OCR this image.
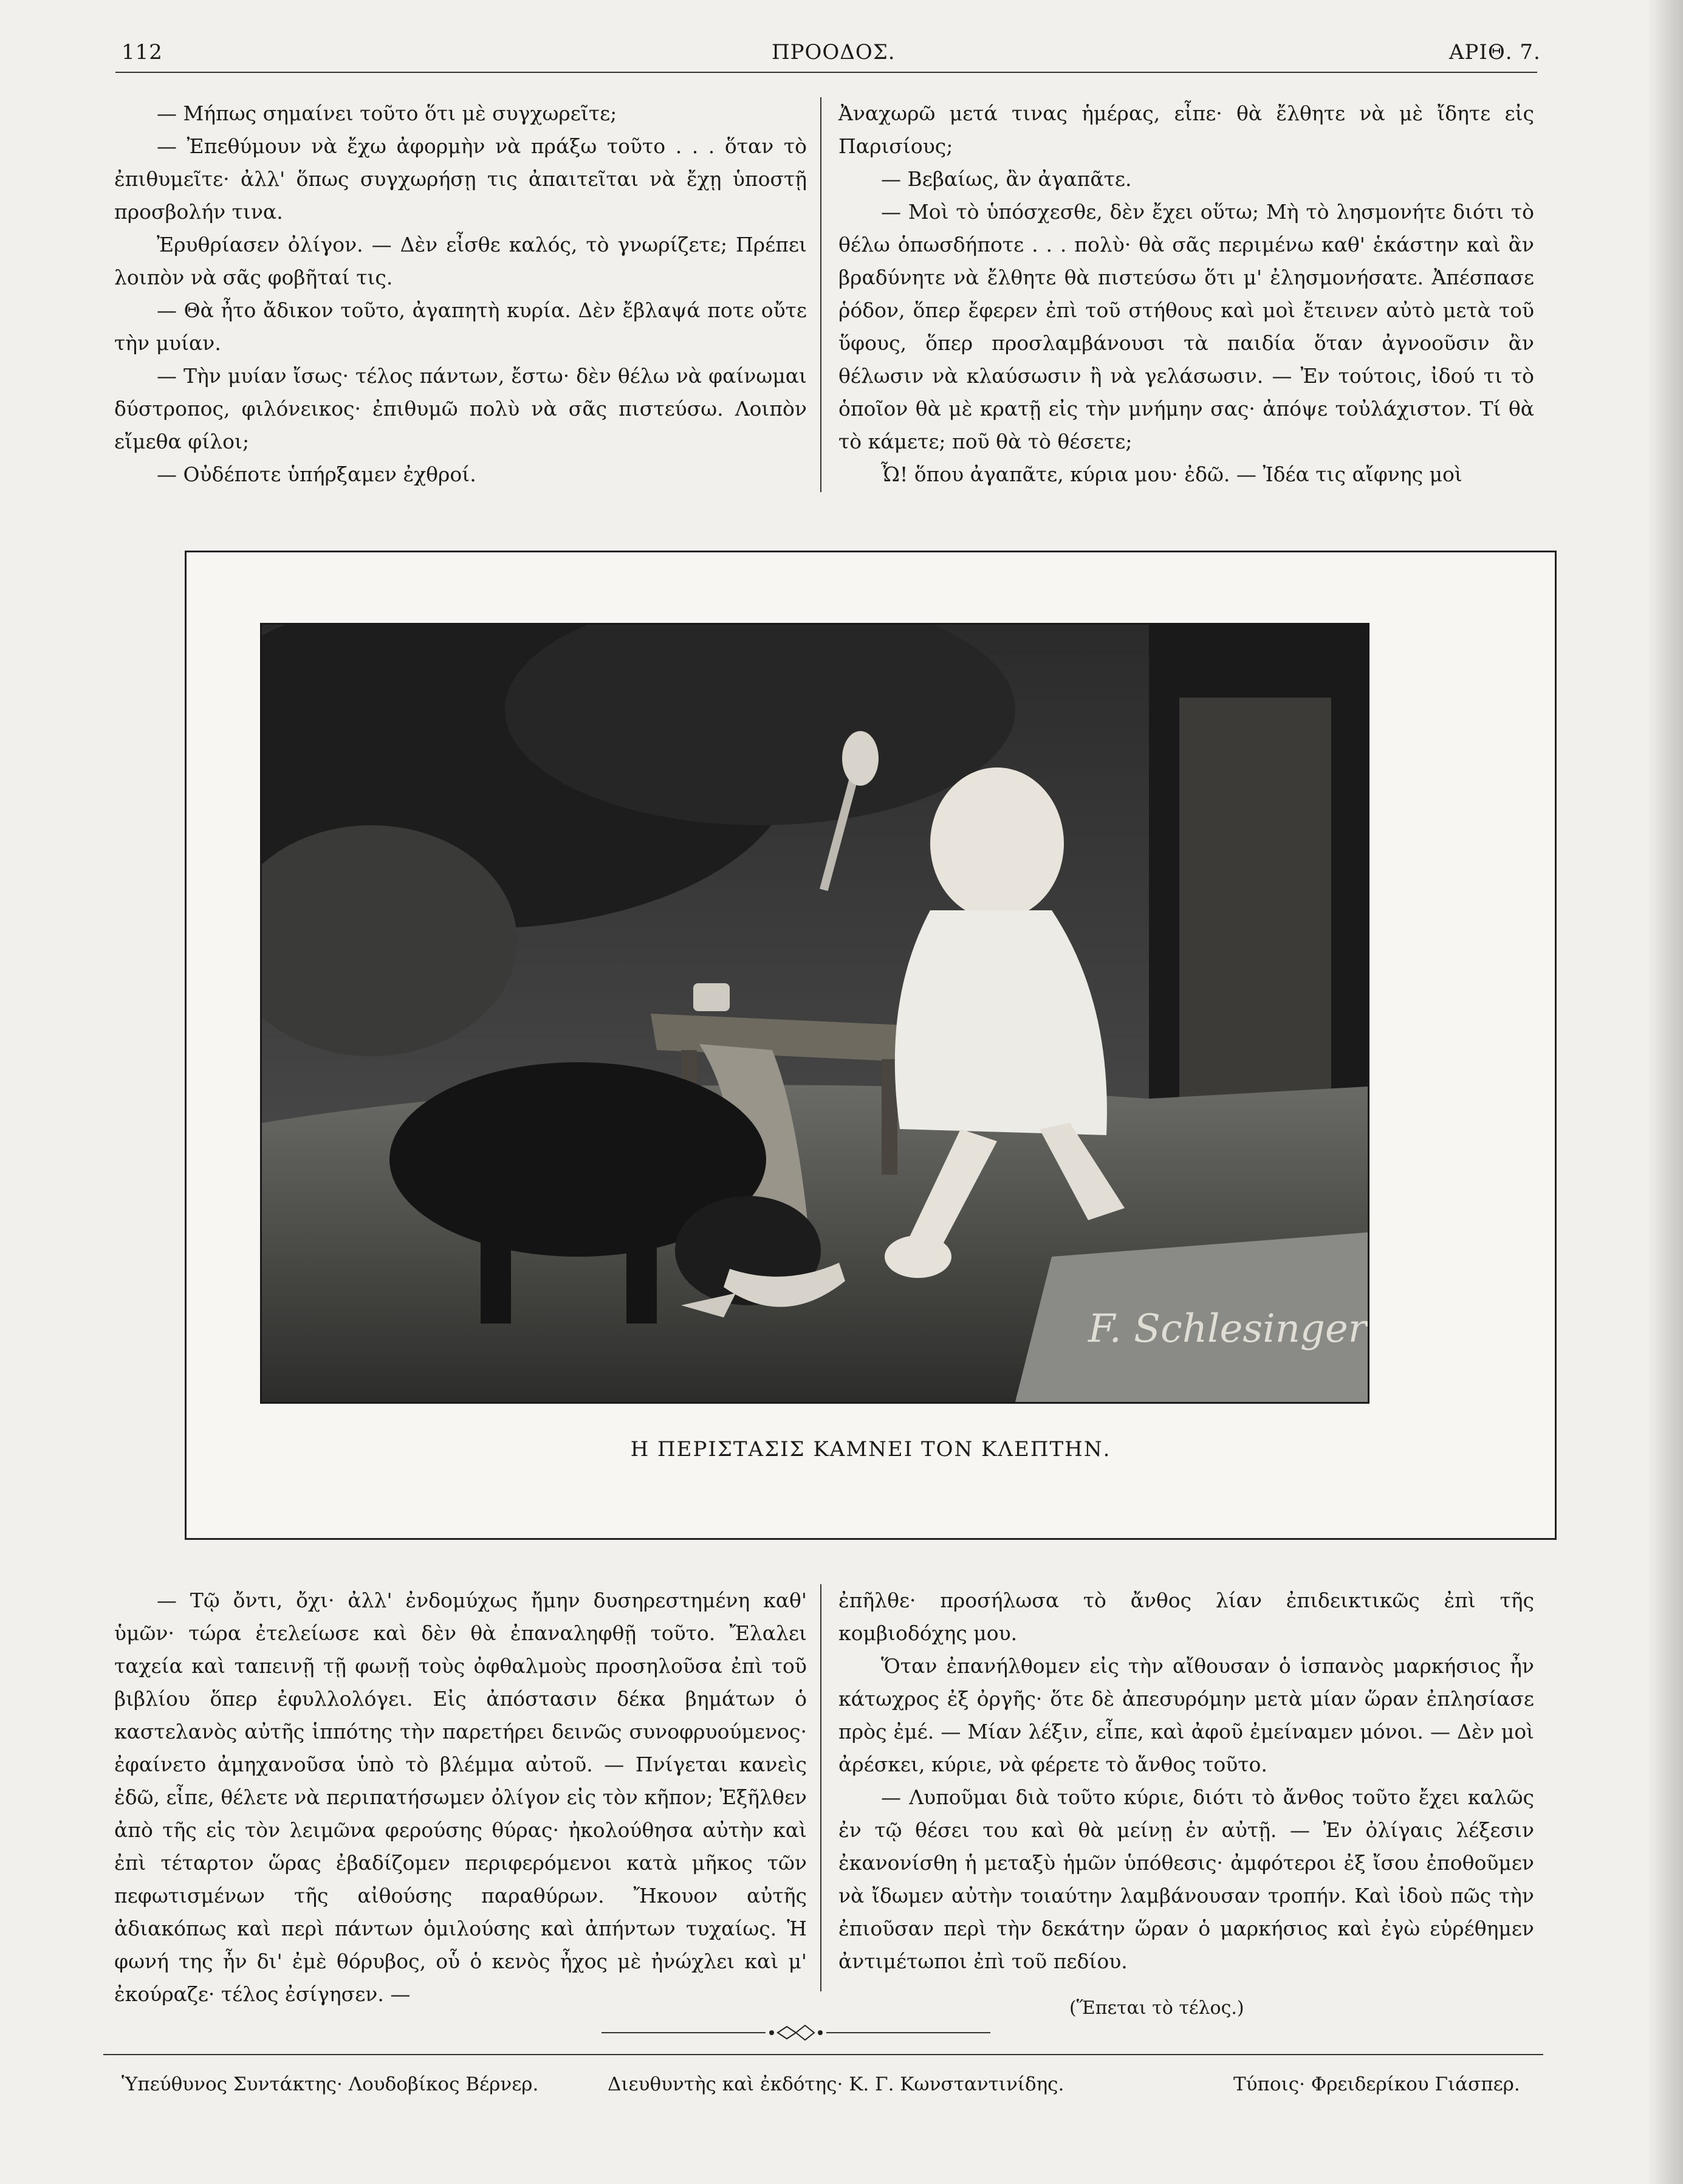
112	ΠΡΟΟΔΟΣ.	ΑΡΙΘ. 7.

— Μήπως σημαίνει τοῦτο ὅτι μὲ συγχωρεῖτε;

— Ἐπεθύμουν νὰ ἔχω ἀφορμὴν νὰ πράξω τοῦτο . . . ὅταν τὸ ἐπιθυμεῖτε· ἀλλ' ὅπως συγχωρήσῃ τις ἀπαιτεῖται νὰ ἔχῃ ὑποστῇ προσβολήν τινα.

Ἐρυθρίασεν ὀλίγον. — Δὲν εἶσθε καλός, τὸ γνωρίζετε; Πρέπει λοιπὸν νὰ σᾶς φοβῆταί τις.

— Θὰ ἦτο ἄδικον τοῦτο, ἀγαπητὴ κυρία. Δὲν ἔβλαψά ποτε οὔτε τὴν μυίαν.

— Τὴν μυίαν ἴσως· τέλος πάντων, ἔστω· δὲν θέλω νὰ φαίνωμαι δύστροπος, φιλόνεικος· ἐπιθυμῶ πολὺ νὰ σᾶς πιστεύσω. Λοιπὸν εἴμεθα φίλοι;

— Οὐδέποτε ὑπήρξαμεν ἐχθροί.

Ἀναχωρῶ μετά τινας ἡμέρας, εἶπε· θὰ ἔλθητε νὰ μὲ ἴδητε εἰς Παρισίους;

— Βεβαίως, ἂν ἀγαπᾶτε.

— Μοὶ τὸ ὑπόσχεσθε, δὲν ἔχει οὕτω; Μὴ τὸ λησμονήτε διότι τὸ θέλω ὁπωσδήποτε . . . πολὺ· θὰ σᾶς περιμένω καθ' ἑκάστην καὶ ἂν βραδύνητε νὰ ἔλθητε θὰ πιστεύσω ὅτι μ' ἐλησμονήσατε. Ἀπέσπασε ῥόδον, ὅπερ ἔφερεν ἐπὶ τοῦ στήθους καὶ μοὶ ἔτεινεν αὐτὸ μετὰ τοῦ ὕφους, ὅπερ προσλαμβάνουσι τὰ παιδία ὅταν ἀγνοοῦσιν ἂν θέλωσιν νὰ κλαύσωσιν ἢ νὰ γελάσωσιν. — Ἐν τούτοις, ἰδού τι τὸ ὁποῖον θὰ μὲ κρατῇ εἰς τὴν μνήμην σας· ἀπόψε τοὐλάχιστον. Τί θὰ τὸ κάμετε; ποῦ θὰ τὸ θέσετε;

Ὦ! ὅπου ἀγαπᾶτε, κύρια μου· ἐδῶ. — Ἰδέα τις αἴφνης μοὶ

F. Schlesinger
Η ΠΕΡΙΣΤΑΣΙΣ ΚΑΜΝΕΙ ΤΟΝ ΚΛΕΠΤΗΝ.

— Τῷ ὄντι, ὄχι· ἀλλ' ἐνδομύχως ἤμην δυσηρεστημένη καθ' ὑμῶν· τώρα ἐτελείωσε καὶ δὲν θὰ ἐπαναληφθῇ τοῦτο. Ἔλαλει ταχεία καὶ ταπεινῇ τῇ φωνῇ τοὺς ὀφθαλμοὺς προσηλοῦσα ἐπὶ τοῦ βιβλίου ὅπερ ἐφυλλολόγει. Εἰς ἀπόστασιν δέκα βημάτων ὁ καστελανὸς αὐτῆς ἱππότης τὴν παρετήρει δεινῶς συνοφρυούμενος· ἐφαίνετο ἀμηχανοῦσα ὑπὸ τὸ βλέμμα αὐτοῦ. — Πνίγεται κανεὶς ἐδῶ, εἶπε, θέλετε νὰ περιπατήσωμεν ὀλίγον εἰς τὸν κῆπον; Ἐξῆλθεν ἀπὸ τῆς εἰς τὸν λειμῶνα φερούσης θύρας· ἠκολούθησα αὐτὴν καὶ ἐπὶ τέταρτον ὥρας ἐβαδίζομεν περιφερόμενοι κατὰ μῆκος τῶν πεφωτισμένων τῆς αἰθούσης παραθύρων. Ἤκουον αὐτῆς ἀδιακόπως καὶ περὶ πάντων ὁμιλούσης καὶ ἀπήντων τυχαίως. Ἡ φωνή της ἦν δι' ἐμὲ θόρυβος, οὗ ὁ κενὸς ἦχος μὲ ἠνώχλει καὶ μ' ἐκούραζε· τέλος ἐσίγησεν. —

ἐπῆλθε· προσήλωσα τὸ ἄνθος λίαν ἐπιδεικτικῶς ἐπὶ τῆς κομβιοδόχης μου.

Ὅταν ἐπανήλθομεν εἰς τὴν αἴθουσαν ὁ ἱσπανὸς μαρκήσιος ἦν κάτωχρος ἐξ ὀργῆς· ὅτε δὲ ἀπεσυρόμην μετὰ μίαν ὥραν ἐπλησίασε πρὸς ἐμέ. — Μίαν λέξιν, εἶπε, καὶ ἀφοῦ ἐμείναμεν μόνοι. — Δὲν μοὶ ἀρέσκει, κύριε, νὰ φέρετε τὸ ἄνθος τοῦτο.

— Λυποῦμαι διὰ τοῦτο κύριε, διότι τὸ ἄνθος τοῦτο ἔχει καλῶς ἐν τῷ θέσει του καὶ θὰ μείνῃ ἐν αὐτῇ. — Ἐν ὀλίγαις λέξεσιν ἐκανονίσθη ἡ μεταξὺ ἡμῶν ὑπόθεσις· ἀμφότεροι ἐξ ἴσου ἐποθοῦμεν νὰ ἴδωμεν αὐτὴν τοιαύτην λαμβάνουσαν τροπήν. Καὶ ἰδοὺ πῶς τὴν ἐπιοῦσαν περὶ τὴν δεκάτην ὥραν ὁ μαρκήσιος καὶ ἐγὼ εὑρέθημεν ἀντιμέτωποι ἐπὶ τοῦ πεδίου.

(Ἕπεται τὸ τέλος.)
Ὑπεύθυνος Συντάκτης· Λουδοβίκος Βέρνερ.	Διευθυντὴς καὶ ἐκδότης· Κ. Γ. Κωνσταντινίδης.	Τύποις· Φρειδερίκου Γιάσπερ.
